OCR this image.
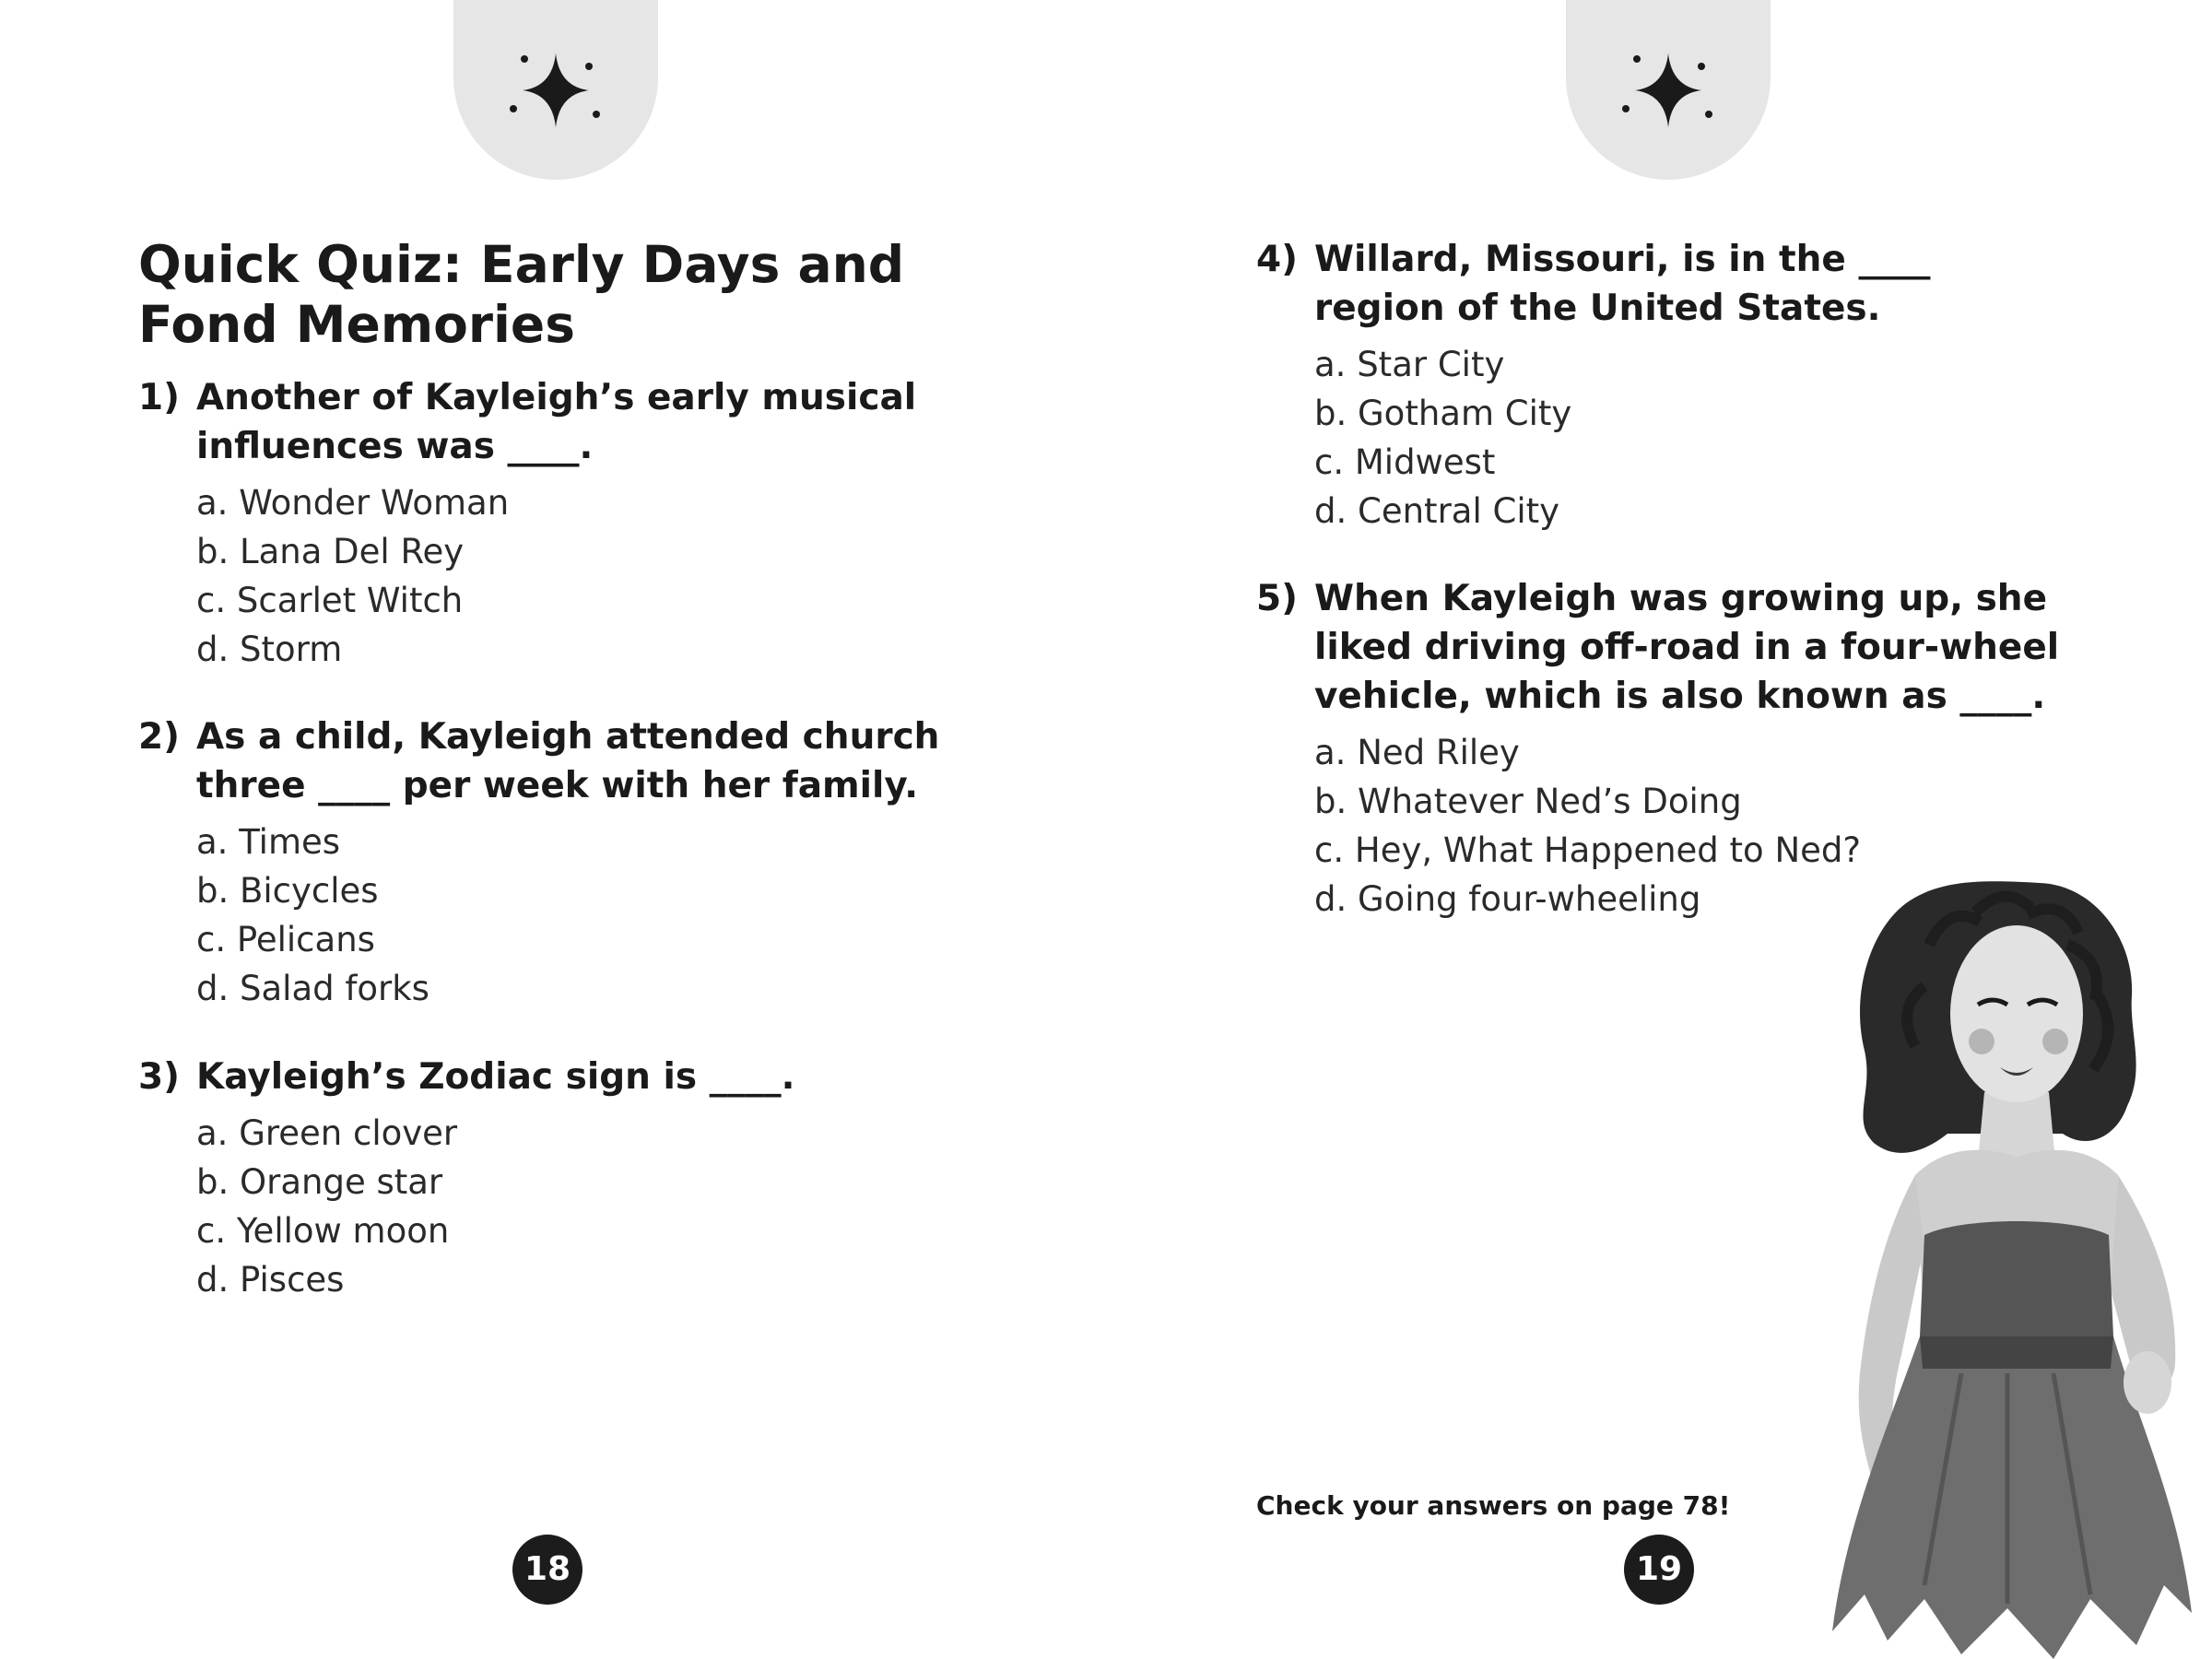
Quick Quiz: Early Days and Fond Memories
1) Another of Kayleigh’s early musical influences was ____.
a. Wonder Woman
b. Lana Del Rey
c. Scarlet Witch
d. Storm
2) As a child, Kayleigh attended church three ____ per week with her family.
a. Times
b. Bicycles
c. Pelicans
d. Salad forks
3) Kayleigh’s Zodiac sign is ____.
a. Green clover
b. Orange star
c. Yellow moon
d. Pisces
18
4) Willard, Missouri, is in the ____ region of the United States.
a. Star City
b. Gotham City
c. Midwest
d. Central City
5) When Kayleigh was growing up, she liked driving off-road in a four-wheel vehicle, which is also known as ____.
a. Ned Riley
b. Whatever Ned’s Doing
c. Hey, What Happened to Ned?
d. Going four-wheeling
Check your answers on page 78!
19
